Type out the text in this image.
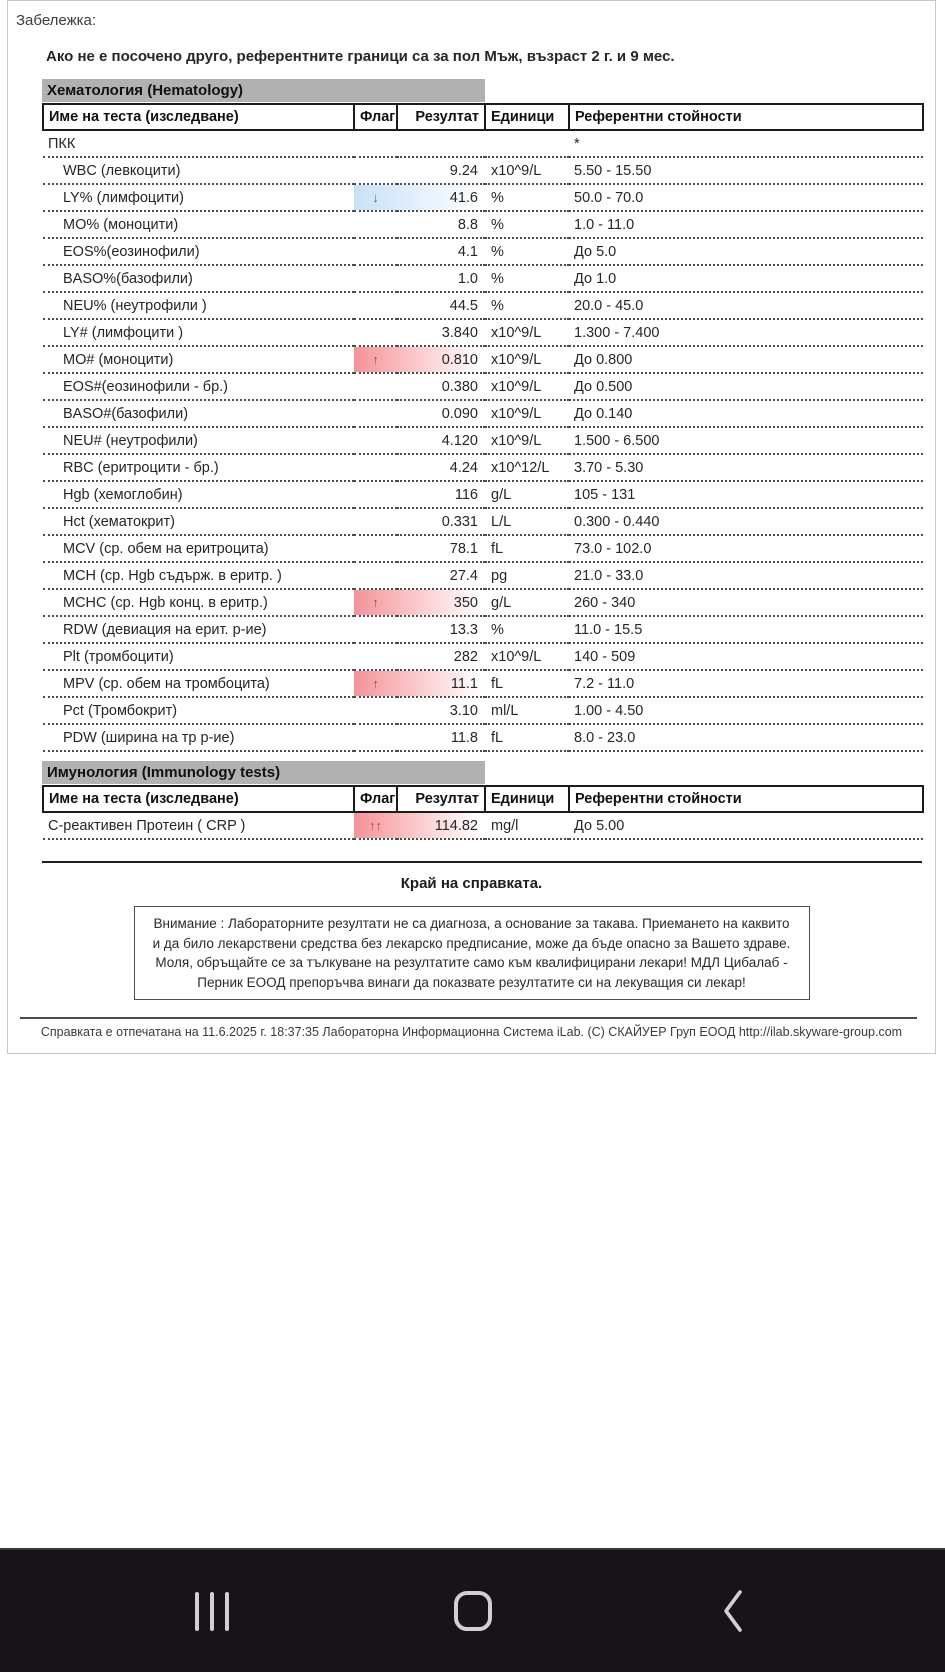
Забележка:
Ако не е посочено друго, референтните граници са за пол Мъж, възраст 2 г. и 9 мес.
Хематология (Hematology)
Име на теста (изследване)	Флаг	Резултат	Единици	Референтни стойности
ПКК				*
WBC (левкоцити)		9.24	x10^9/L	5.50 - 15.50
LY% (лимфоцити)	↓	41.6	%	50.0 - 70.0
MO% (моноцити)		8.8	%	1.0 - 11.0
EOS%(еозинофили)		4.1	%	До 5.0
BASO%(базофили)		1.0	%	До 1.0
NEU% (неутрофили )		44.5	%	20.0 - 45.0
LY# (лимфоцити )		3.840	x10^9/L	1.300 - 7.400
MO# (моноцити)	↑	0.810	x10^9/L	До 0.800
EOS#(еозинофили - бр.)		0.380	x10^9/L	До 0.500
BASO#(базофили)		0.090	x10^9/L	До 0.140
NEU# (неутрофили)		4.120	x10^9/L	1.500 - 6.500
RBC (еритроцити - бр.)		4.24	x10^12/L	3.70 - 5.30
Hgb (хемоглобин)		116	g/L	105 - 131
Hct (хематокрит)		0.331	L/L	0.300 - 0.440
MCV (ср. обем на еритроцита)		78.1	fL	73.0 - 102.0
MCH (ср. Hgb съдърж. в еритр. )		27.4	pg	21.0 - 33.0
MCHC (ср. Hgb конц. в еритр.)	↑	350	g/L	260 - 340
RDW (девиация на ерит. р-ие)		13.3	%	11.0 - 15.5
Plt (тромбоцити)		282	x10^9/L	140 - 509
MPV (ср. обем на тромбоцита)	↑	11.1	fL	7.2 - 11.0
Pct (Тромбокрит)		3.10	ml/L	1.00 - 4.50
PDW (ширина на тр р-ие)		11.8	fL	8.0 - 23.0
Имунология (Immunology tests)
Име на теста (изследване)	Флаг	Резултат	Единици	Референтни стойности
С-реактивен Протеин ( CRP )	↑↑	114.82	mg/l	До 5.00
Край на справката.
Внимание : Лабораторните резултати не са диагноза, а основание за такава. Приемането на каквито и да било лекарствени средства без лекарско предписание, може да бъде опасно за Вашето здраве. Моля, обръщайте се за тълкуване на резултатите само към квалифицирани лекари! МДЛ Цибалаб - Перник ЕООД препоръчва винаги да показвате резултатите си на лекуващия си лекар!
Справката е отпечатана на 11.6.2025 г. 18:37:35 Лабораторна Информационна Система iLab. (C) СКАЙУЕР Груп ЕООД http://ilab.skyware-group.com
